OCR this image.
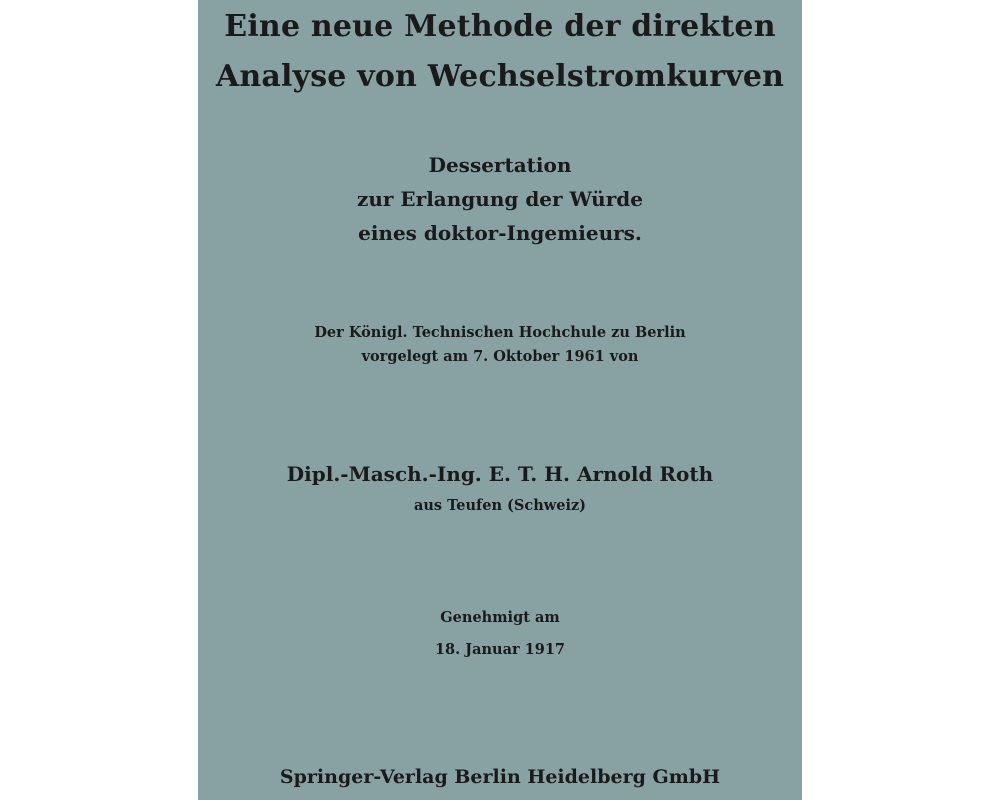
Eine neue Methode der direkten
Analyse von Wechselstromkurven
Dessertation
zur Erlangung der Würde
eines doktor-Ingemieurs.
Der Königl. Technischen Hochchule zu Berlin
vorgelegt am 7. Oktober 1961 von
Dipl.-Masch.-Ing. E. T. H. Arnold Roth
aus Teufen (Schweiz)
Genehmigt am
18. Januar 1917
Springer-Verlag Berlin Heidelberg GmbH
